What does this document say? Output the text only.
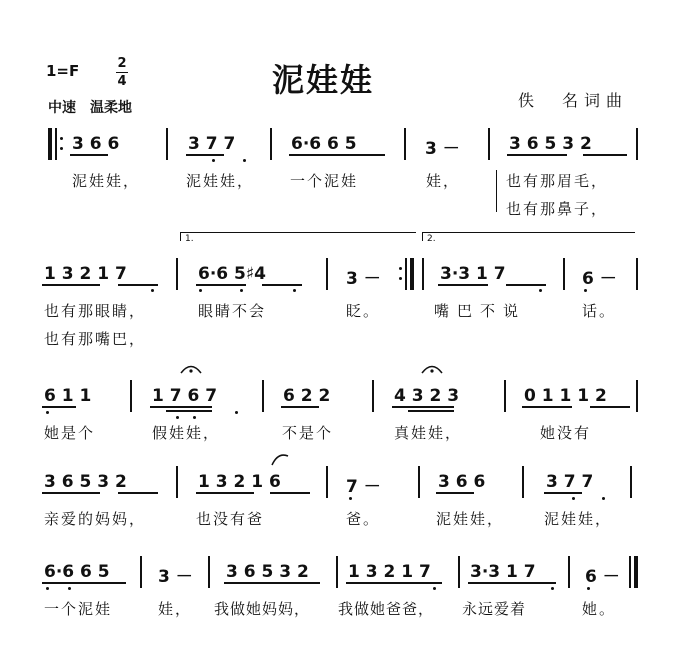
1=F	2
4	泥娃娃
中速　温柔地	佚　名词曲
3 6 6	3 7 7	6·6 6 5	3 －	3 6 5 3 2
泥娃娃，	泥娃娃， 一个泥娃	娃，	也有那眉毛，
也有那鼻子，
1.	2.
1 3 2 1 7	6·6 5♯4	3 －	3·3 1 7	6 －
也有那眼睛，	眼睛不会	眨。	嘴巴不说	话。
也有那嘴巴，
6 1 1	1 7 6 7	6 2 2	4 3 2 3	0 1 1 1 2
她是个	假娃娃，	不是个	真娃娃，	她没有
3 6 5 3 2	1 3 2 1 6	7 －	3 6 6	3 7 7
亲爱的妈妈，	也没有爸	爸。	泥娃娃，	泥娃娃，
6·6 6 5	3 － 3 6 5 3 2 1 3 2 1 7 3·3 1 7	6 －
一个泥娃	娃， 我做她妈妈， 我做她爸爸， 永远爱着	她。
